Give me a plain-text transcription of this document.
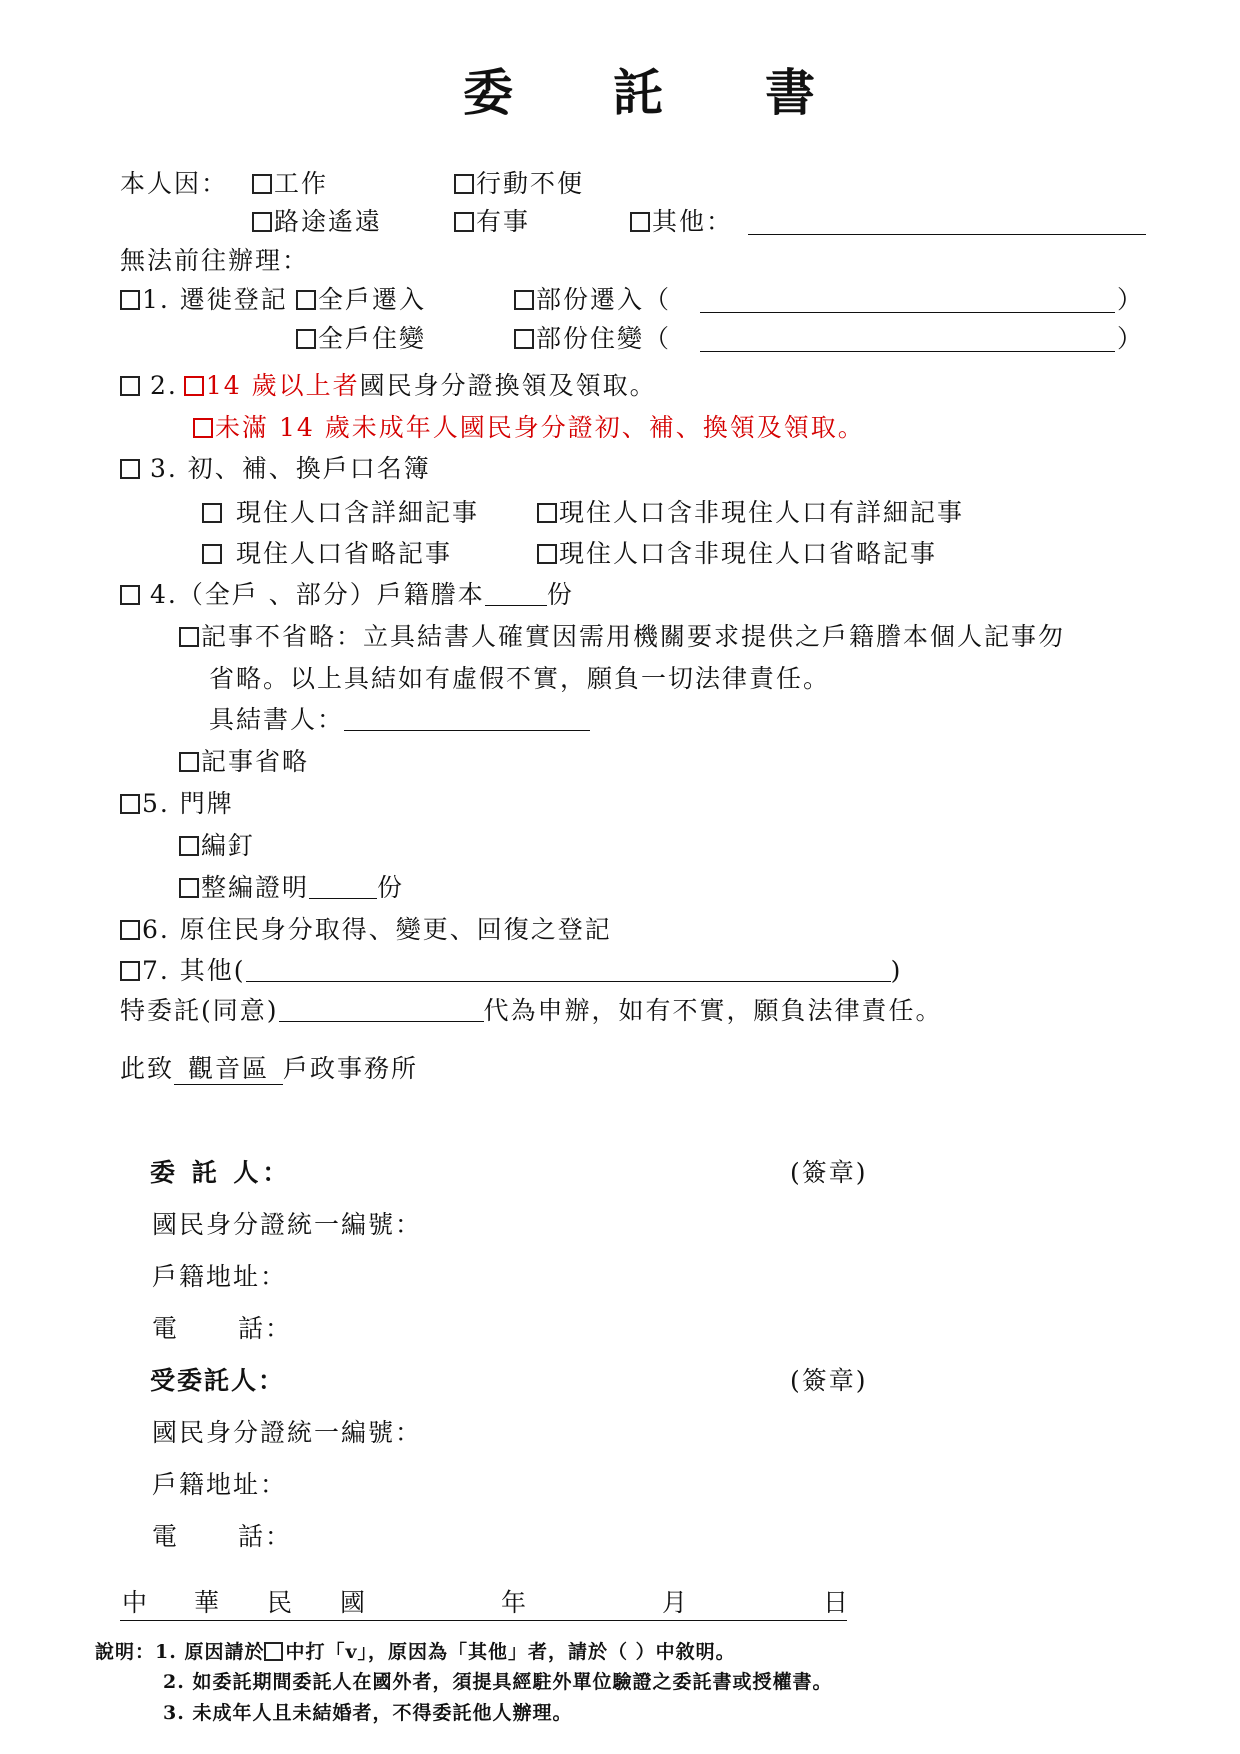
委 託 書
本人因：	工作	行動不便
路途遙遠	有事	其他：
無法前往辦理：
1. 遷徙登記	全戶遷入	部份遷入（	）
全戶住變	部份住變（	）
2. 14 歲以上者國民身分證換領及領取。
未滿 14 歲未成年人國民身分證初、補、換領及領取。
3. 初、補、換戶口名簿
現住人口含詳細記事	現住人口含非現住人口有詳細記事
現住人口省略記事	現住人口含非現住人口省略記事
4.（全戶 、部分）戶籍謄本 份
記事不省略：立具結書人確實因需用機關要求提供之戶籍謄本個人記事勿
省略。以上具結如有虛假不實，願負一切法律責任。
具結書人：
記事省略
5. 門牌
編釘
整編證明	份
6. 原住民身分取得、變更、回復之登記
7. 其他(	)
特委託(同意)	代為申辦，如有不實，願負法律責任。
此致 觀音區 戶政事務所
委 託 人：	(簽章)
國民身分證統一編號：
戶籍地址：
電 話：
受委託人：	(簽章)
國民身分證統一編號：
戶籍地址：
電 話：
中 華 民 國	年	月	日
說明：1. 原因請於 中打「v」，原因為「其他」者，請於（ ）中敘明。
2. 如委託期間委託人在國外者，須提具經駐外單位驗證之委託書或授權書。
3. 未成年人且未結婚者，不得委託他人辦理。
